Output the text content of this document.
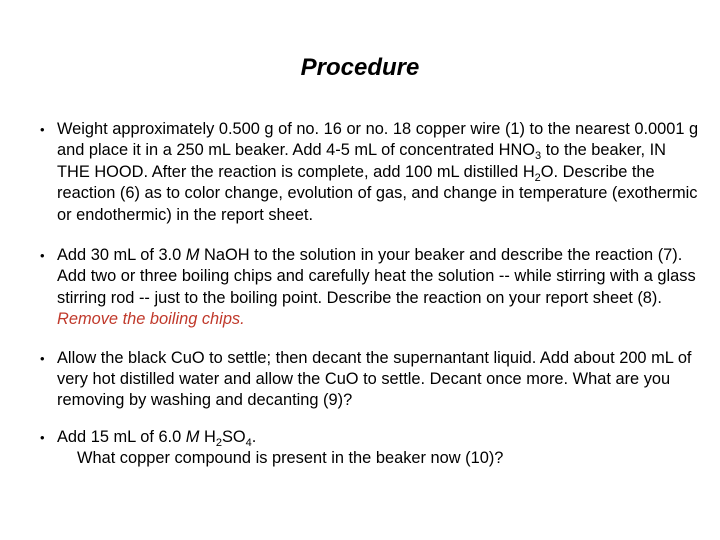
Procedure
• Weight approximately 0.500 g of no. 16 or no. 18 copper wire (1) to the nearest 0.0001 g and place it in a 250 mL beaker. Add 4-5 mL of concentrated $HNO_3$ to the beaker, IN THE HOOD. After the reaction is complete, add 100 mL distilled $H_2O$. Describe the reaction (6) as to color change, evolution of gas, and change in temperature (exothermic or endothermic) in the report sheet.
• Add 30 mL of 3.0 M NaOH to the solution in your beaker and describe the reaction (7). Add two or three boiling chips and carefully heat the solution -- while stirring with a glass stirring rod -- just to the boiling point. Describe the reaction on your report sheet (8). Remove the boiling chips.
• Allow the black CuO to settle; then decant the supernantant liquid. Add about 200 mL of very hot distilled water and allow the CuO to settle. Decant once more. What are you removing by washing and decanting (9)?
• Add 15 mL of 6.0 M $H_2SO_4$.
What copper compound is present in the beaker now (10)?
